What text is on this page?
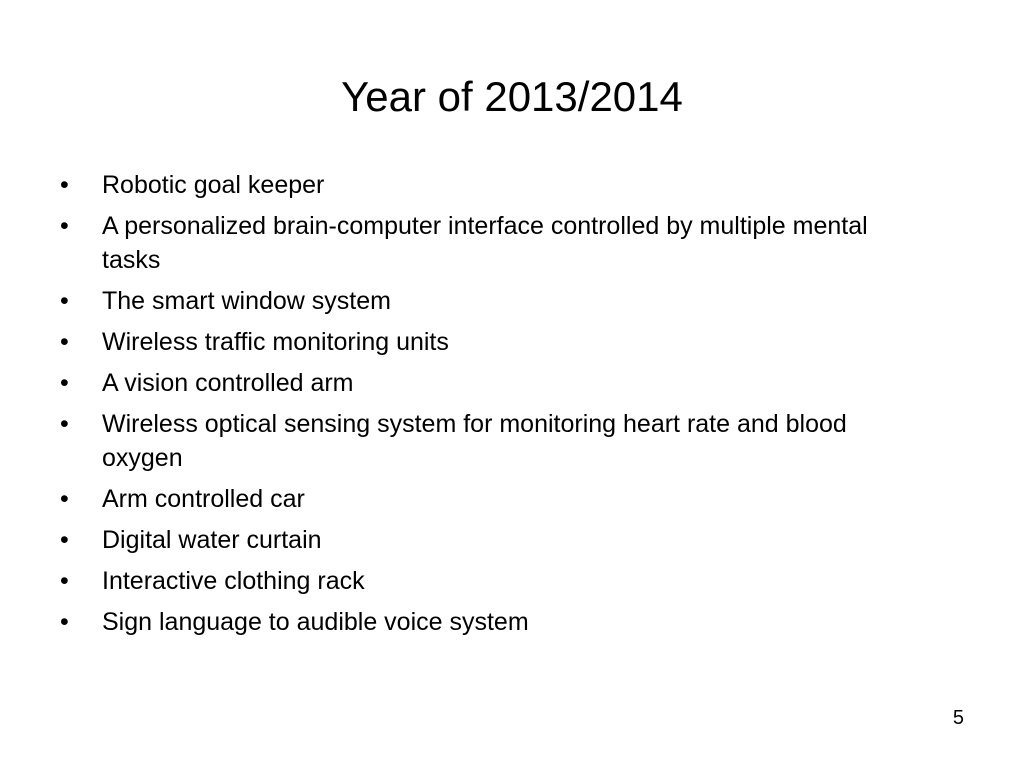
Year of 2013/2014
•	Robotic goal keeper
•	A personalized brain-computer interface controlled by multiple mental tasks
•	The smart window system
•	Wireless traffic monitoring units
•	A vision controlled arm
•	Wireless optical sensing system for monitoring heart rate and blood oxygen
•	Arm controlled car
•	Digital water curtain
•	Interactive clothing rack
•	Sign language to audible voice system
5
